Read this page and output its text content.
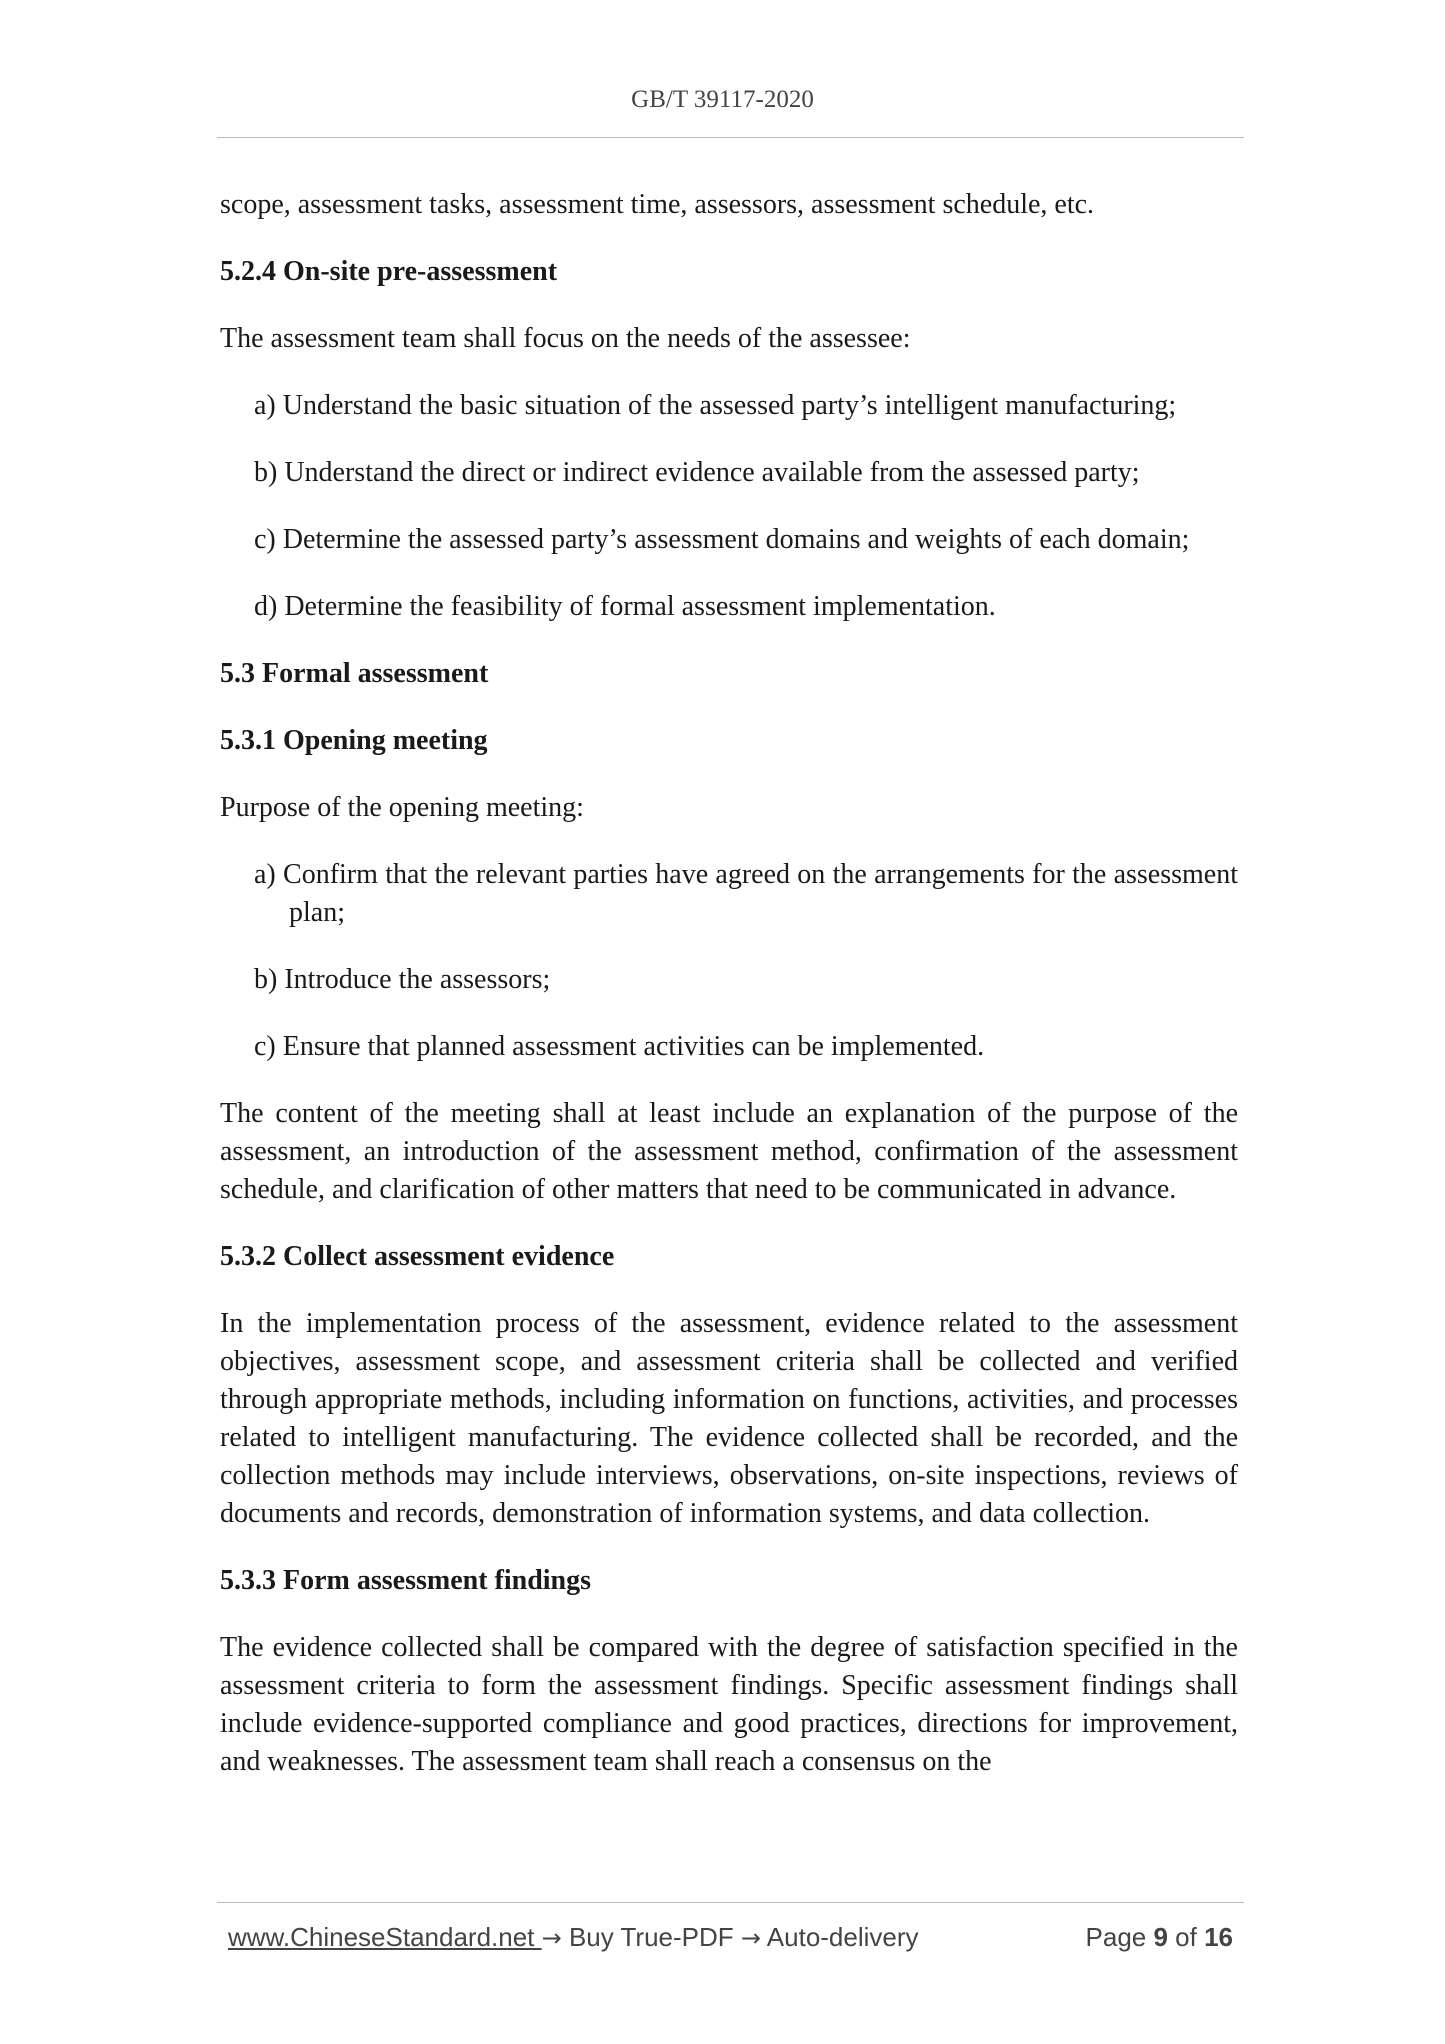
GB/T 39117-2020

scope, assessment tasks, assessment time, assessors, assessment schedule, etc.

5.2.4 On-site pre-assessment

The assessment team shall focus on the needs of the assessee:

a) Understand the basic situation of the assessed party’s intelligent manufacturing;

b) Understand the direct or indirect evidence available from the assessed party;

c) Determine the assessed party’s assessment domains and weights of each domain;

d) Determine the feasibility of formal assessment implementation.

5.3 Formal assessment

5.3.1 Opening meeting

Purpose of the opening meeting:

a) Confirm that the relevant parties have agreed on the arrangements for the assessment plan;

b) Introduce the assessors;

c) Ensure that planned assessment activities can be implemented.

The content of the meeting shall at least include an explanation of the purpose of the assessment, an introduction of the assessment method, confirmation of the assessment schedule, and clarification of other matters that need to be communicated in advance.

5.3.2 Collect assessment evidence

In the implementation process of the assessment, evidence related to the assessment objectives, assessment scope, and assessment criteria shall be collected and verified through appropriate methods, including information on functions, activities, and processes related to intelligent manufacturing. The evidence collected shall be recorded, and the collection methods may include interviews, observations, on-site inspections, reviews of documents and records, demonstration of information systems, and data collection.

5.3.3 Form assessment findings

The evidence collected shall be compared with the degree of satisfaction specified in the assessment criteria to form the assessment findings. Specific assessment findings shall include evidence-supported compliance and good practices, directions for improvement, and weaknesses. The assessment team shall reach a consensus on the

www.ChineseStandard.net → Buy True-PDF → Auto-delivery	Page 9 of 16
